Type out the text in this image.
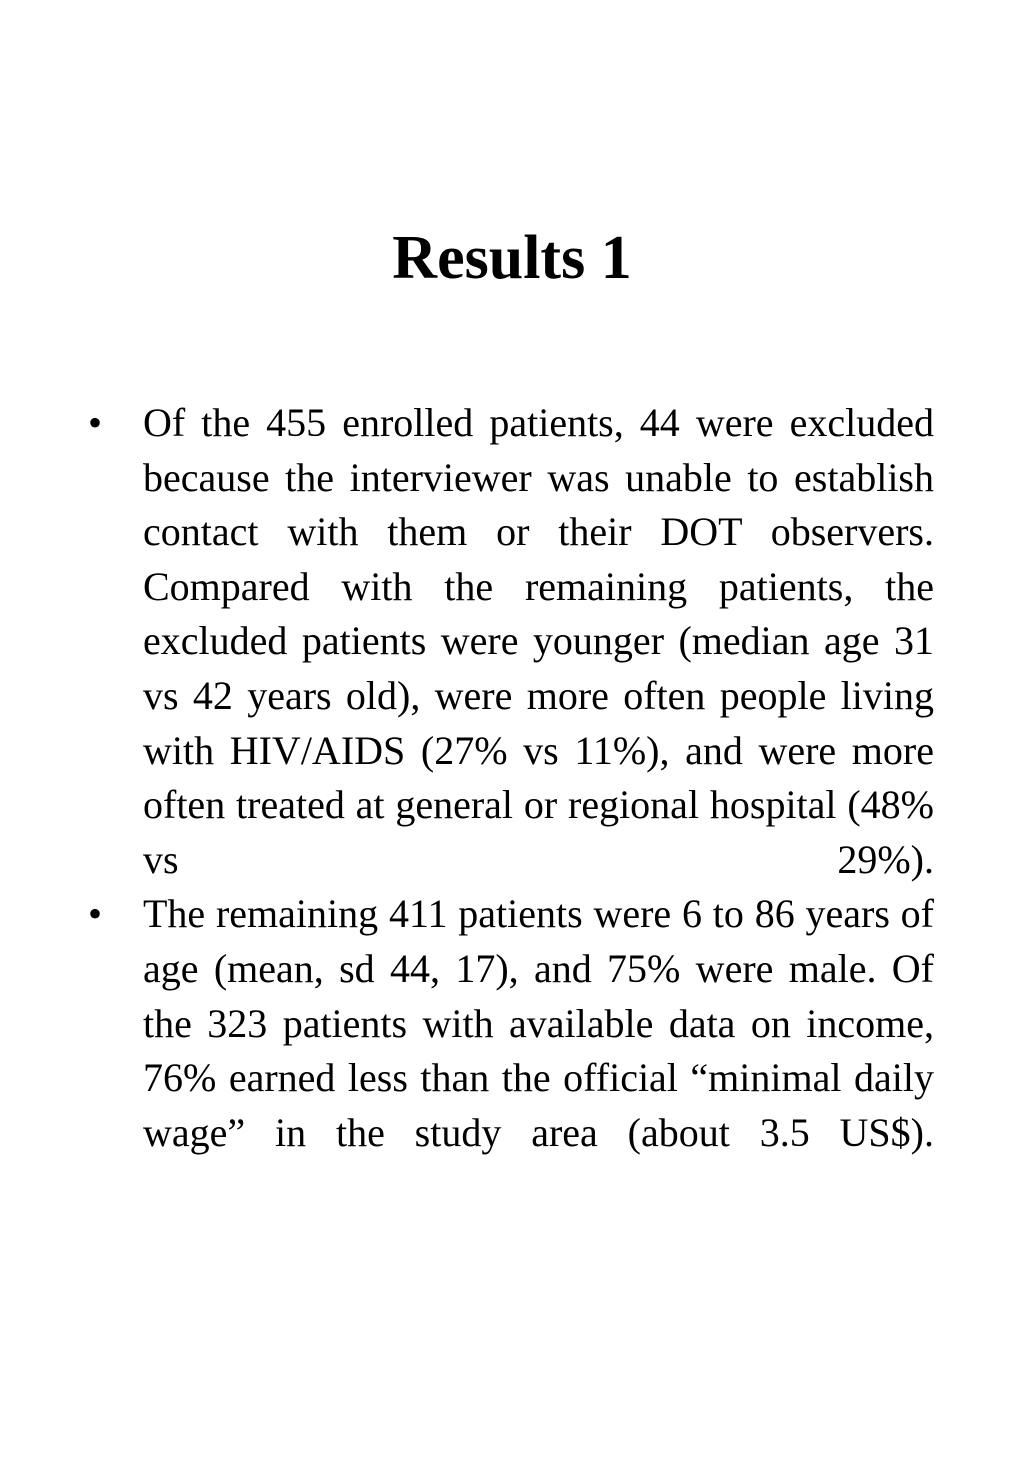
Results 1
• Of the 455 enrolled patients, 44 were excluded because the interviewer was unable to establish contact with them or their DOT observers. Compared with the remaining patients, the excluded patients were younger (median age 31 vs 42 years old), were more often people living with HIV/AIDS (27% vs 11%), and were more often treated at general or regional hospital (48% vs 29%).
• The remaining 411 patients were 6 to 86 years of age (mean, sd 44, 17), and 75% were male. Of the 323 patients with available data on income, 76% earned less than the official “minimal daily wage” in the study area (about 3.5 US$).
